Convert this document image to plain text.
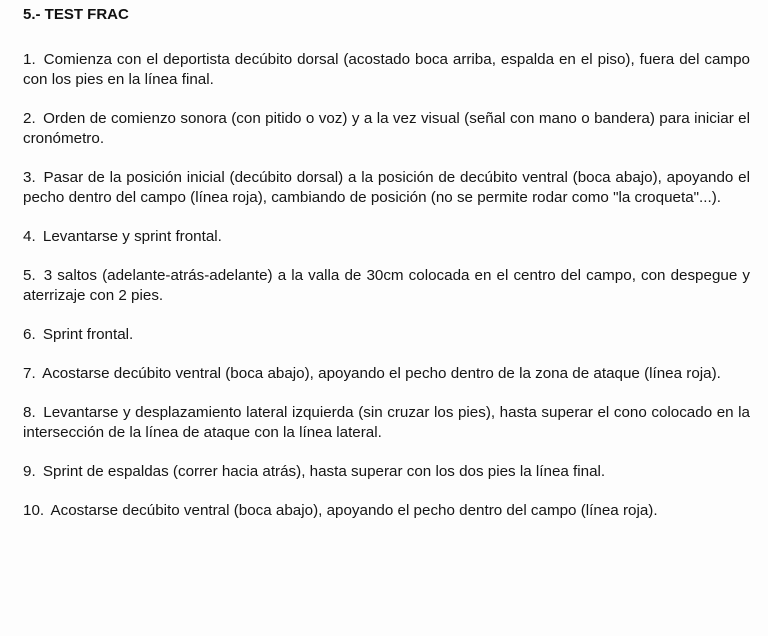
5.- TEST FRAC
1. Comienza con el deportista decúbito dorsal (acostado boca arriba, espalda en el piso), fuera del campo con los pies en la línea final.
2. Orden de comienzo sonora (con pitido o voz) y a la vez visual (señal con mano o bandera) para iniciar el cronómetro.
3. Pasar de la posición inicial (decúbito dorsal) a la posición de decúbito ventral (boca abajo), apoyando el pecho dentro del campo (línea roja), cambiando de posición (no se permite rodar como "la croqueta"...).
4. Levantarse y sprint frontal.
5. 3 saltos (adelante-atrás-adelante) a la valla de 30cm colocada en el centro del campo, con despegue y aterrizaje con 2 pies.
6. Sprint frontal.
7. Acostarse decúbito ventral (boca abajo), apoyando el pecho dentro de la zona de ataque (línea roja).
8. Levantarse y desplazamiento lateral izquierda (sin cruzar los pies), hasta superar el cono colocado en la intersección de la línea de ataque con la línea lateral.
9. Sprint de espaldas (correr hacia atrás), hasta superar con los dos pies la línea final.
10. Acostarse decúbito ventral (boca abajo), apoyando el pecho dentro del campo (línea roja).
